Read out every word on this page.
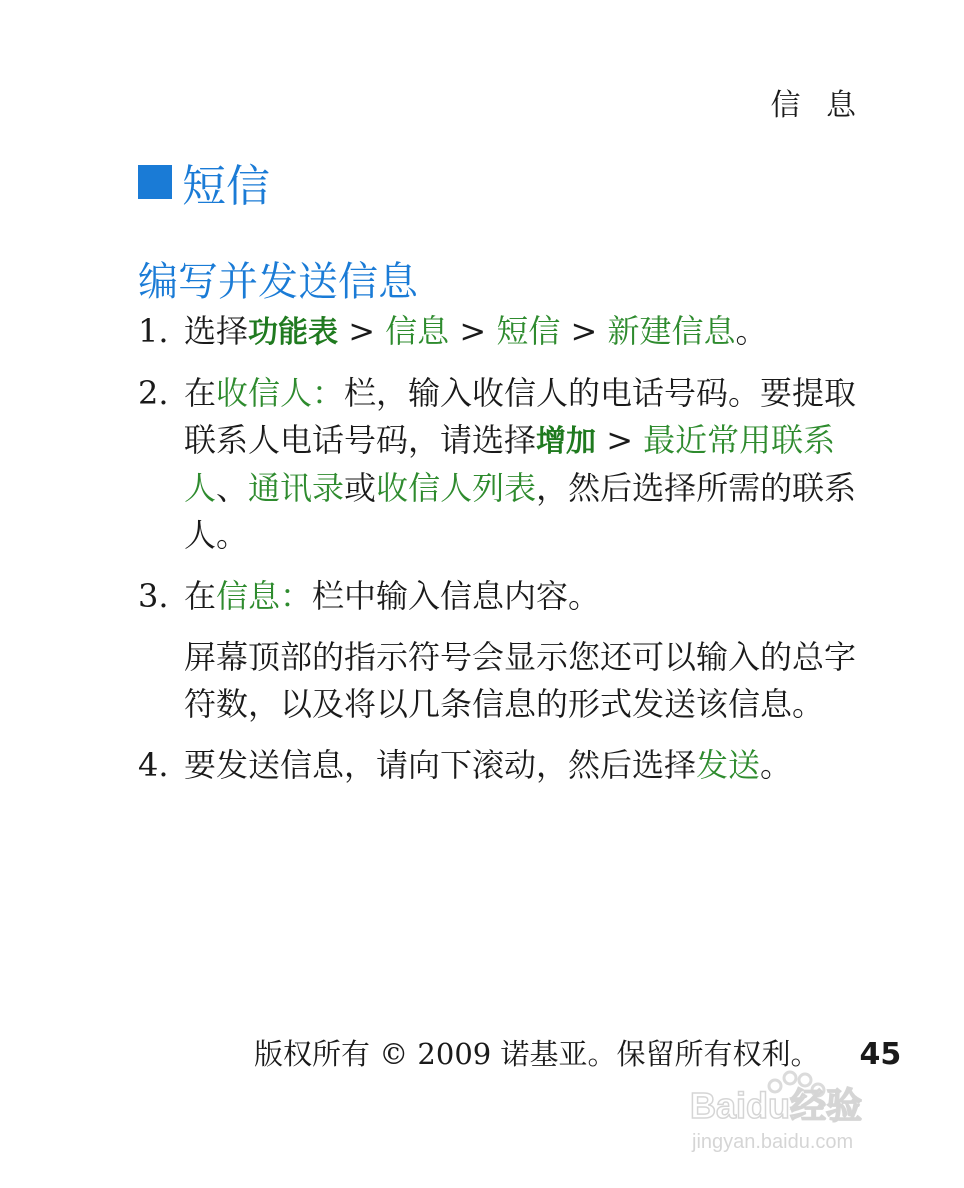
信 息
短信
编写并发送信息
1. 选择功能表 > 信息 > 短信 > 新建信息。
2. 在收信人：栏，输入收信人的电话号码。要提取联系人电话号码，请选择增加 > 最近常用联系人、通讯录或收信人列表，然后选择所需的联系人。
3. 在信息：栏中输入信息内容。
屏幕顶部的指示符号会显示您还可以输入的总字符数，以及将以几条信息的形式发送该信息。
4. 要发送信息，请向下滚动，然后选择发送。
版权所有 © 2009 诺基亚。保留所有权利。 45
Baidu经验
jingyan.baidu.com
